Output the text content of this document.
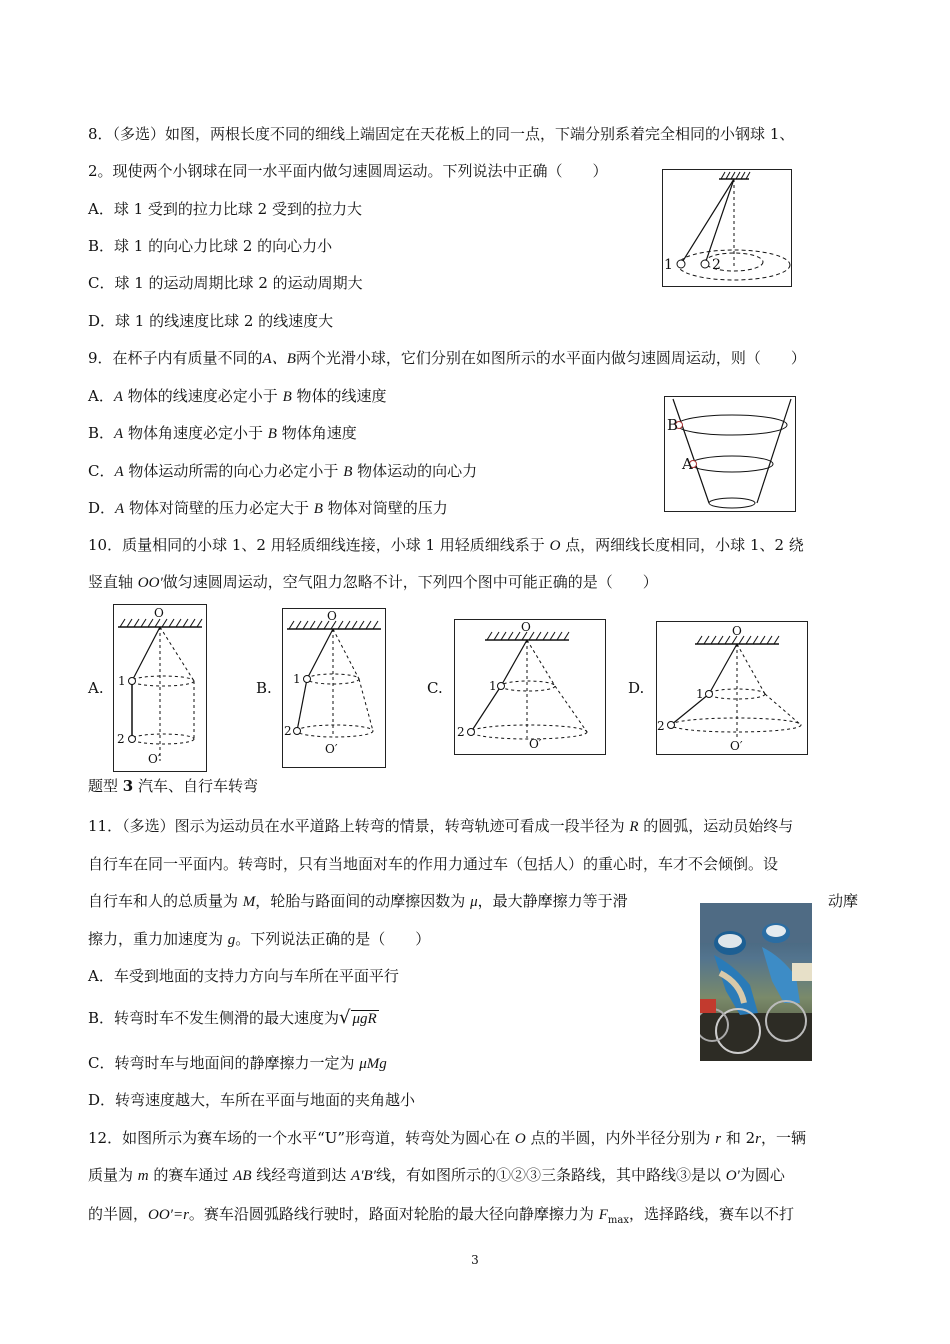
8．（多选）如图，两根长度不同的细线上端固定在天花板上的同一点，下端分别系着完全相同的小钢球 1、
2。现使两个小钢球在同一水平面内做匀速圆周运动。下列说法中正确（　　）
A．球 1 受到的拉力比球 2 受到的拉力大
B．球 1 的向心力比球 2 的向心力小
C．球 1 的运动周期比球 2 的运动周期大
D．球 1 的线速度比球 2 的线速度大
1	2
9．在杯子内有质量不同的A、B两个光滑小球，它们分别在如图所示的水平面内做匀速圆周运动，则（　　）
A．A 物体的线速度必定小于 B 物体的线速度
B．A 物体角速度必定小于 B 物体角速度
C．A 物体运动所需的向心力必定小于 B 物体运动的向心力
D．A 物体对筒壁的压力必定大于 B 物体对筒壁的压力
B
A
10．质量相同的小球 1、2 用轻质细线连接，小球 1 用轻质细线系于 O 点，两细线长度相同，小球 1、2 绕
竖直轴 OO′做匀速圆周运动，空气阻力忽略不计，下列四个图中可能正确的是（　　）
A.
O
O′
1
2
B.
O
O′
1
2
C.
O
O′
1
2
D.
O
O′
1
2
题型 3 汽车、自行车转弯
11．（多选）图示为运动员在水平道路上转弯的情景，转弯轨迹可看成一段半径为 R 的圆弧，运动员始终与
自行车在同一平面内。转弯时，只有当地面对车的作用力通过车（包括人）的重心时，车才不会倾倒。设
自行车和人的总质量为 M，轮胎与路面间的动摩擦因数为 μ，最大静摩擦力等于滑	动摩
擦力，重力加速度为 g。下列说法正确的是（　　）
A．车受到地面的支持力方向与车所在平面平行
B．转弯时车不发生侧滑的最大速度为√ μgR
C．转弯时车与地面间的静摩擦力一定为 μMg
D．转弯速度越大，车所在平面与地面的夹角越小
12．如图所示为赛车场的一个水平“U”形弯道，转弯处为圆心在 O 点的半圆，内外半径分别为 r 和 2r，一辆
质量为 m 的赛车通过 AB 线经弯道到达 A′B′线，有如图所示的①②③三条路线，其中路线③是以 O′为圆心
的半圆，OO′=r。赛车沿圆弧路线行驶时，路面对轮胎的最大径向静摩擦力为 $F_{max}$，选择路线，赛车以不打
3
